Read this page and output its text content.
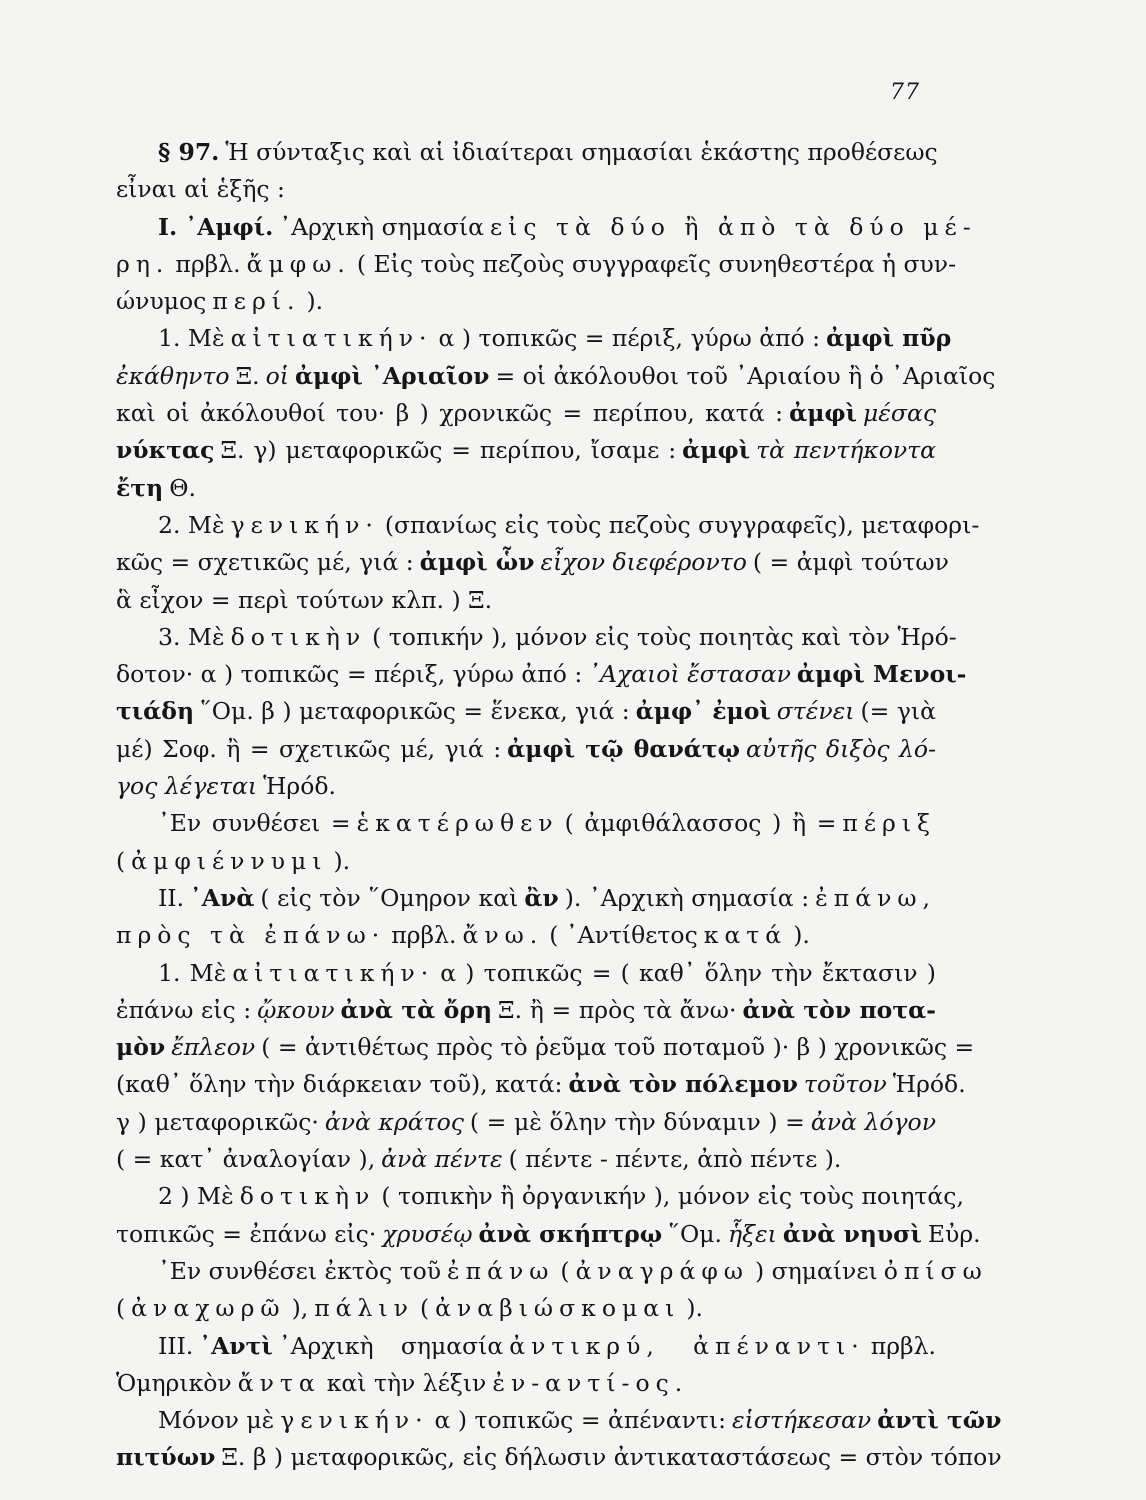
77
§ 97. Ἡ σύνταξις καὶ αἱ ἰδιαίτεραι σημασίαι ἑκάστης προθέσεως
εἶναι αἱ ἑξῆς :
I. ᾿Αμφί. ᾿Αρχικὴ σημασία εἰς τὰ δύο ἢ ἀπὸ τὰ δύο μέ-
ρη. πρβλ. ἄμφω. ( Εἰς τοὺς πεζοὺς συγγραφεῖς συνηθεστέρα ἡ συν-
ώνυμος περί. ).
1. Μὲ αἰτιατικήν· α ) τοπικῶς = πέριξ, γύρω ἀπό : ἀμφὶ πῦρ
ἐκάθηντο Ξ. οἱ ἀμφὶ ᾿Αριαῖον = οἱ ἀκόλουθοι τοῦ ᾿Αριαίου ἢ ὁ ᾿Αριαῖος
καὶ οἱ ἀκόλουθοί του· β ) χρονικῶς = περίπου, κατά : ἀμφὶ μέσας
νύκτας Ξ. γ) μεταφορικῶς = περίπου, ἴσαμε : ἀμφὶ τὰ πεντήκοντα
ἔτη Θ.
2. Μὲ γενικήν· (σπανίως εἰς τοὺς πεζοὺς συγγραφεῖς), μεταφορι-
κῶς = σχετικῶς μέ, γιά : ἀμφὶ ὧν εἶχον διεφέροντο ( = ἀμφὶ τούτων
ἃ εἶχον = περὶ τούτων κλπ. ) Ξ.
3. Μὲ δοτικὴν ( τοπικήν ), μόνον εἰς τοὺς ποιητὰς καὶ τὸν Ἡρό-
δοτον· α ) τοπικῶς = πέριξ, γύρω ἀπό : ᾿Αχαιοὶ ἔστασαν ἀμφὶ Μενοι-
τιάδη ῞Ομ. β ) μεταφορικῶς = ἕνεκα, γιά : ἀμφ᾿ ἐμοὶ στένει (= γιὰ
μέ) Σοφ. ἢ = σχετικῶς μέ, γιά : ἀμφὶ τῷ θανάτῳ αὐτῆς διξὸς λό-
γος λέγεται Ἡρόδ.
᾿Εν συνθέσει = ἑκατέρωθεν ( ἀμφιθάλασσος ) ἢ = πέριξ
( ἀμφιέννυμι ).
II. ᾿Ανὰ ( εἰς τὸν ῞Ομηρον καὶ ἂν ). ᾿Αρχικὴ σημασία : ἐπάνω,
πρὸς τὰ ἐπάνω· πρβλ. ἄνω. ( ᾿Αντίθετος κατά ).
1. Μὲ αἰτιατικήν· α ) τοπικῶς = ( καθ᾿ ὅλην τὴν ἔκτασιν )
ἐπάνω εἰς : ᾤκουν ἀνὰ τὰ ὄρη Ξ. ἢ = πρὸς τὰ ἄνω· ἀνὰ τὸν ποτα-
μὸν ἔπλεον ( = ἀντιθέτως πρὸς τὸ ῥεῦμα τοῦ ποταμοῦ )· β ) χρονικῶς =
(καθ᾿ ὅλην τὴν διάρκειαν τοῦ), κατά: ἀνὰ τὸν πόλεμον τοῦτον Ἡρόδ.
γ ) μεταφορικῶς· ἀνὰ κράτος ( = μὲ ὅλην τὴν δύναμιν ) = ἀνὰ λόγον
( = κατ᾿ ἀναλογίαν ), ἀνὰ πέντε ( πέντε - πέντε, ἀπὸ πέντε ).
2 ) Μὲ δοτικὴν ( τοπικὴν ἢ ὀργανικήν ), μόνον εἰς τοὺς ποιητάς,
τοπικῶς = ἐπάνω εἰς· χρυσέῳ ἀνὰ σκήπτρῳ ῞Ομ. ἧξει ἀνὰ νηυσὶ Εὐρ.
᾿Εν συνθέσει ἐκτὸς τοῦ ἐπάνω ( ἀναγράφω ) σημαίνει ὀπίσω
( ἀναχωρῶ ), πάλιν ( ἀναβιώσκομαι ).
III. ᾿Αντὶ ᾿Αρχικὴ σημασία ἀντικρύ, ἀπέναντι· πρβλ.
Ὁμηρικὸν ἄντα καὶ τὴν λέξιν ἐν-αντί-ος.
Μόνον μὲ γενικήν· α ) τοπικῶς = ἀπέναντι: εἱστήκεσαν ἀντὶ τῶν
πιτύων Ξ. β ) μεταφορικῶς, εἰς δήλωσιν ἀντικαταστάσεως = στὸν τόπον
